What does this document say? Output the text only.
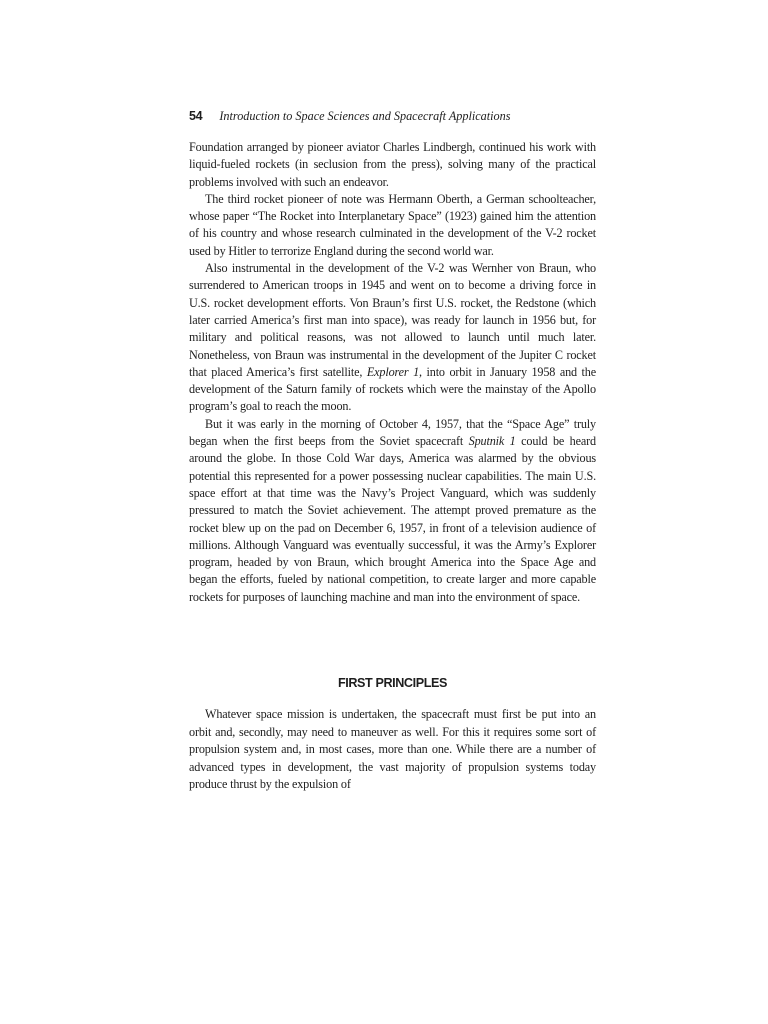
54 Introduction to Space Sciences and Spacecraft Applications

Foundation arranged by pioneer aviator Charles Lindbergh, continued his work with liquid-fueled rockets (in seclusion from the press), solving many of the practical problems involved with such an endeavor.

The third rocket pioneer of note was Hermann Oberth, a German schoolteacher, whose paper “The Rocket into Interplanetary Space” (1923) gained him the attention of his country and whose research culminated in the development of the V-2 rocket used by Hitler to terrorize England during the second world war.

Also instrumental in the development of the V-2 was Wernher von Braun, who surrendered to American troops in 1945 and went on to become a driving force in U.S. rocket development efforts. Von Braun’s first U.S. rocket, the Redstone (which later carried America’s first man into space), was ready for launch in 1956 but, for military and political reasons, was not allowed to launch until much later. Nonetheless, von Braun was instrumental in the development of the Jupiter C rocket that placed America’s first satellite, Explorer 1, into orbit in January 1958 and the development of the Saturn family of rockets which were the mainstay of the Apollo program’s goal to reach the moon.

But it was early in the morning of October 4, 1957, that the “Space Age” truly began when the first beeps from the Soviet spacecraft Sputnik 1 could be heard around the globe. In those Cold War days, America was alarmed by the obvious potential this represented for a power possessing nuclear capabilities. The main U.S. space effort at that time was the Navy’s Project Vanguard, which was suddenly pressured to match the Soviet achievement. The attempt proved premature as the rocket blew up on the pad on December 6, 1957, in front of a television audience of millions. Although Vanguard was eventually successful, it was the Army’s Explorer program, headed by von Braun, which brought America into the Space Age and began the efforts, fueled by national competition, to create larger and more capable rockets for purposes of launching machine and man into the environment of space.

FIRST PRINCIPLES

Whatever space mission is undertaken, the spacecraft must first be put into an orbit and, secondly, may need to maneuver as well. For this it requires some sort of propulsion system and, in most cases, more than one. While there are a number of advanced types in development, the vast majority of propulsion systems today produce thrust by the expulsion of
